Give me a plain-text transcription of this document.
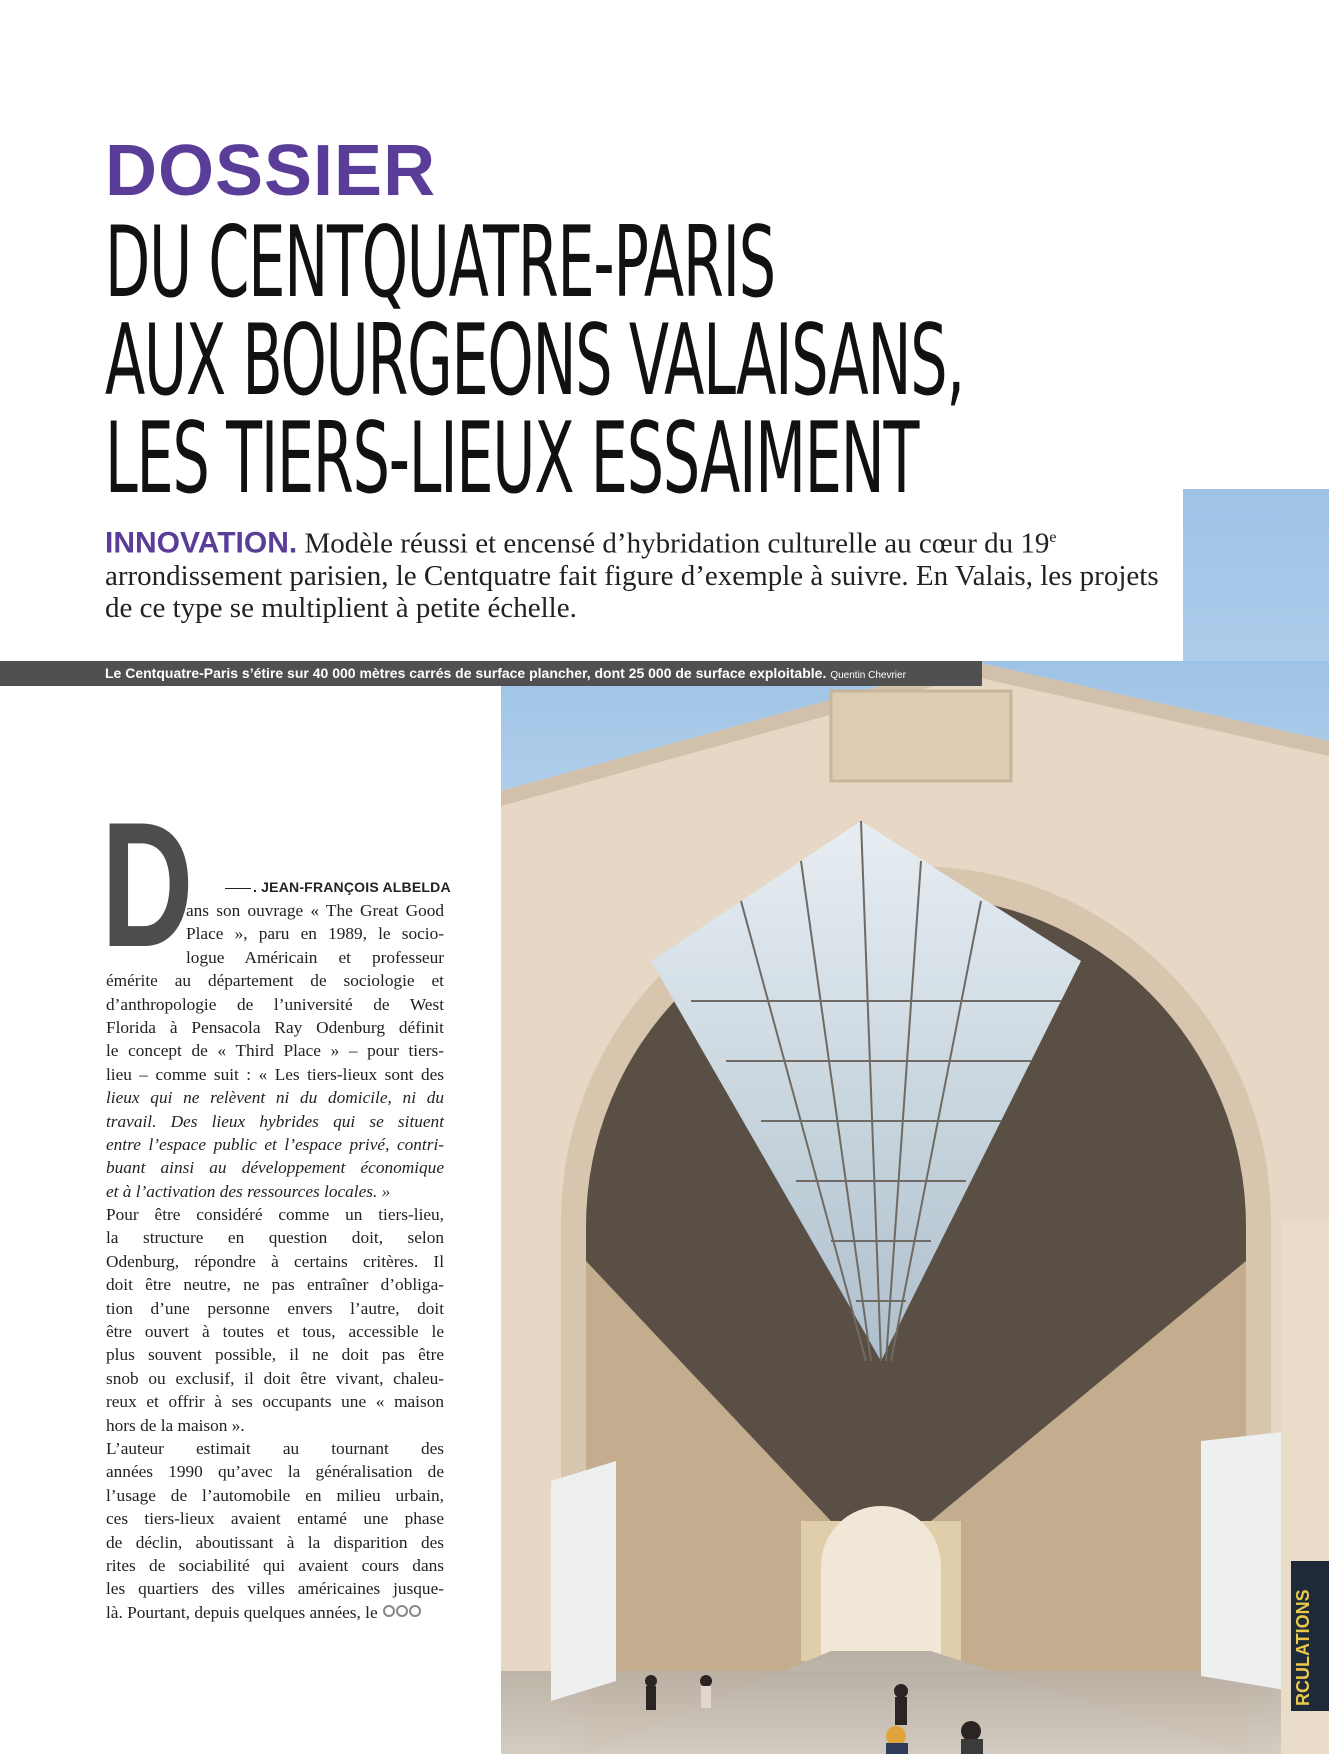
DOSSIER
DU CENTQUATRE-PARIS
AUX BOURGEONS VALAISANS,
LES TIERS-LIEUX ESSAIMENT
INNOVATION. Modèle réussi et encensé d’hybridation culturelle au cœur du 19e arrondissement parisien, le Centquatre fait figure d’exemple à suivre. En Valais, les projets de ce type se multiplient à petite échelle.
RCULATIONS
Le Centquatre-Paris s’étire sur 40 000 mètres carrés de surface plancher, dont 25 000 de surface exploitable. Quentin Chevrier
D	. JEAN-FRANÇOIS ALBELDA
ans son ouvrage « The Great Good
Place », paru en 1989, le socio-
logue Américain et professeur
émérite au département de sociologie et
d’anthropologie de l’université de West
Florida à Pensacola Ray Odenburg définit
le concept de « Third Place » – pour tiers-
lieu – comme suit : « Les tiers-lieux sont des
lieux qui ne relèvent ni du domicile, ni du
travail. Des lieux hybrides qui se situent
entre l’espace public et l’espace privé, contri-
buant ainsi au développement économique
et à l’activation des ressources locales. »
Pour être considéré comme un tiers-lieu,
la structure en question doit, selon
Odenburg, répondre à certains critères. Il
doit être neutre, ne pas entraîner d’obliga-
tion d’une personne envers l’autre, doit
être ouvert à toutes et tous, accessible le
plus souvent possible, il ne doit pas être
snob ou exclusif, il doit être vivant, chaleu-
reux et offrir à ses occupants une « maison
hors de la maison ».
L’auteur estimait au tournant des
années 1990 qu’avec la généralisation de
l’usage de l’automobile en milieu urbain,
ces tiers-lieux avaient entamé une phase
de déclin, aboutissant à la disparition des
rites de sociabilité qui avaient cours dans
les quartiers des villes américaines jusque-
là. Pourtant, depuis quelques années, le
